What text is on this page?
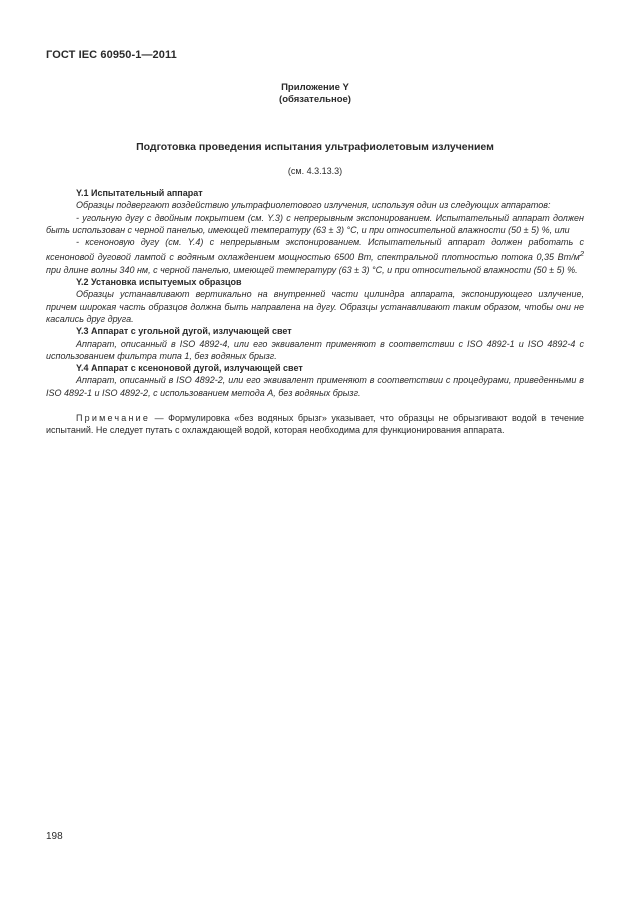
ГОСТ IEC 60950-1—2011
Приложение Y
(обязательное)
Подготовка проведения испытания ультрафиолетовым излучением
(см. 4.3.13.3)

Y.1 Испытательный аппарат

Образцы подвергают воздействию ультрафиолетового излучения, используя один из следующих аппаратов:

- угольную дугу с двойным покрытием (см. Y.3) с непрерывным экспонированием. Испытательный аппарат должен быть использован с черной панелью, имеющей температуру (63 ± 3) °С, и при относительной влажности (50 ± 5) %, или

- ксеноновую дугу (см. Y.4) с непрерывным экспонированием. Испытательный аппарат должен работать с ксеноновой дуговой лампой с водяным охлаждением мощностью 6500 Вт, спектральной плотностью потока 0,35 $Вт/м^2$ при длине волны 340 нм, с черной панелью, имеющей температуру (63 ± 3) °С, и при относительной влажности (50 ± 5) %.

Y.2 Установка испытуемых образцов

Образцы устанавливают вертикально на внутренней части цилиндра аппарата, экспонирующего излучение, причем широкая часть образцов должна быть направлена на дугу. Образцы устанавливают таким образом, чтобы они не касались друг друга.

Y.3 Аппарат с угольной дугой, излучающей свет

Аппарат, описанный в ISO 4892-4, или его эквивалент применяют в соответствии с ISO 4892-1 и ISO 4892-4 с использованием фильтра типа 1, без водяных брызг.

Y.4 Аппарат с ксеноновой дугой, излучающей свет

Аппарат, описанный в ISO 4892-2, или его эквивалент применяют в соответствии с процедурами, приведенными в ISO 4892-1 и ISO 4892-2, с использованием метода А, без водяных брызг.

Примечание — Формулировка «без водяных брызг» указывает, что образцы не обрызгивают водой в течение испытаний. Не следует путать с охлаждающей водой, которая необходима для функционирования аппарата.

198
